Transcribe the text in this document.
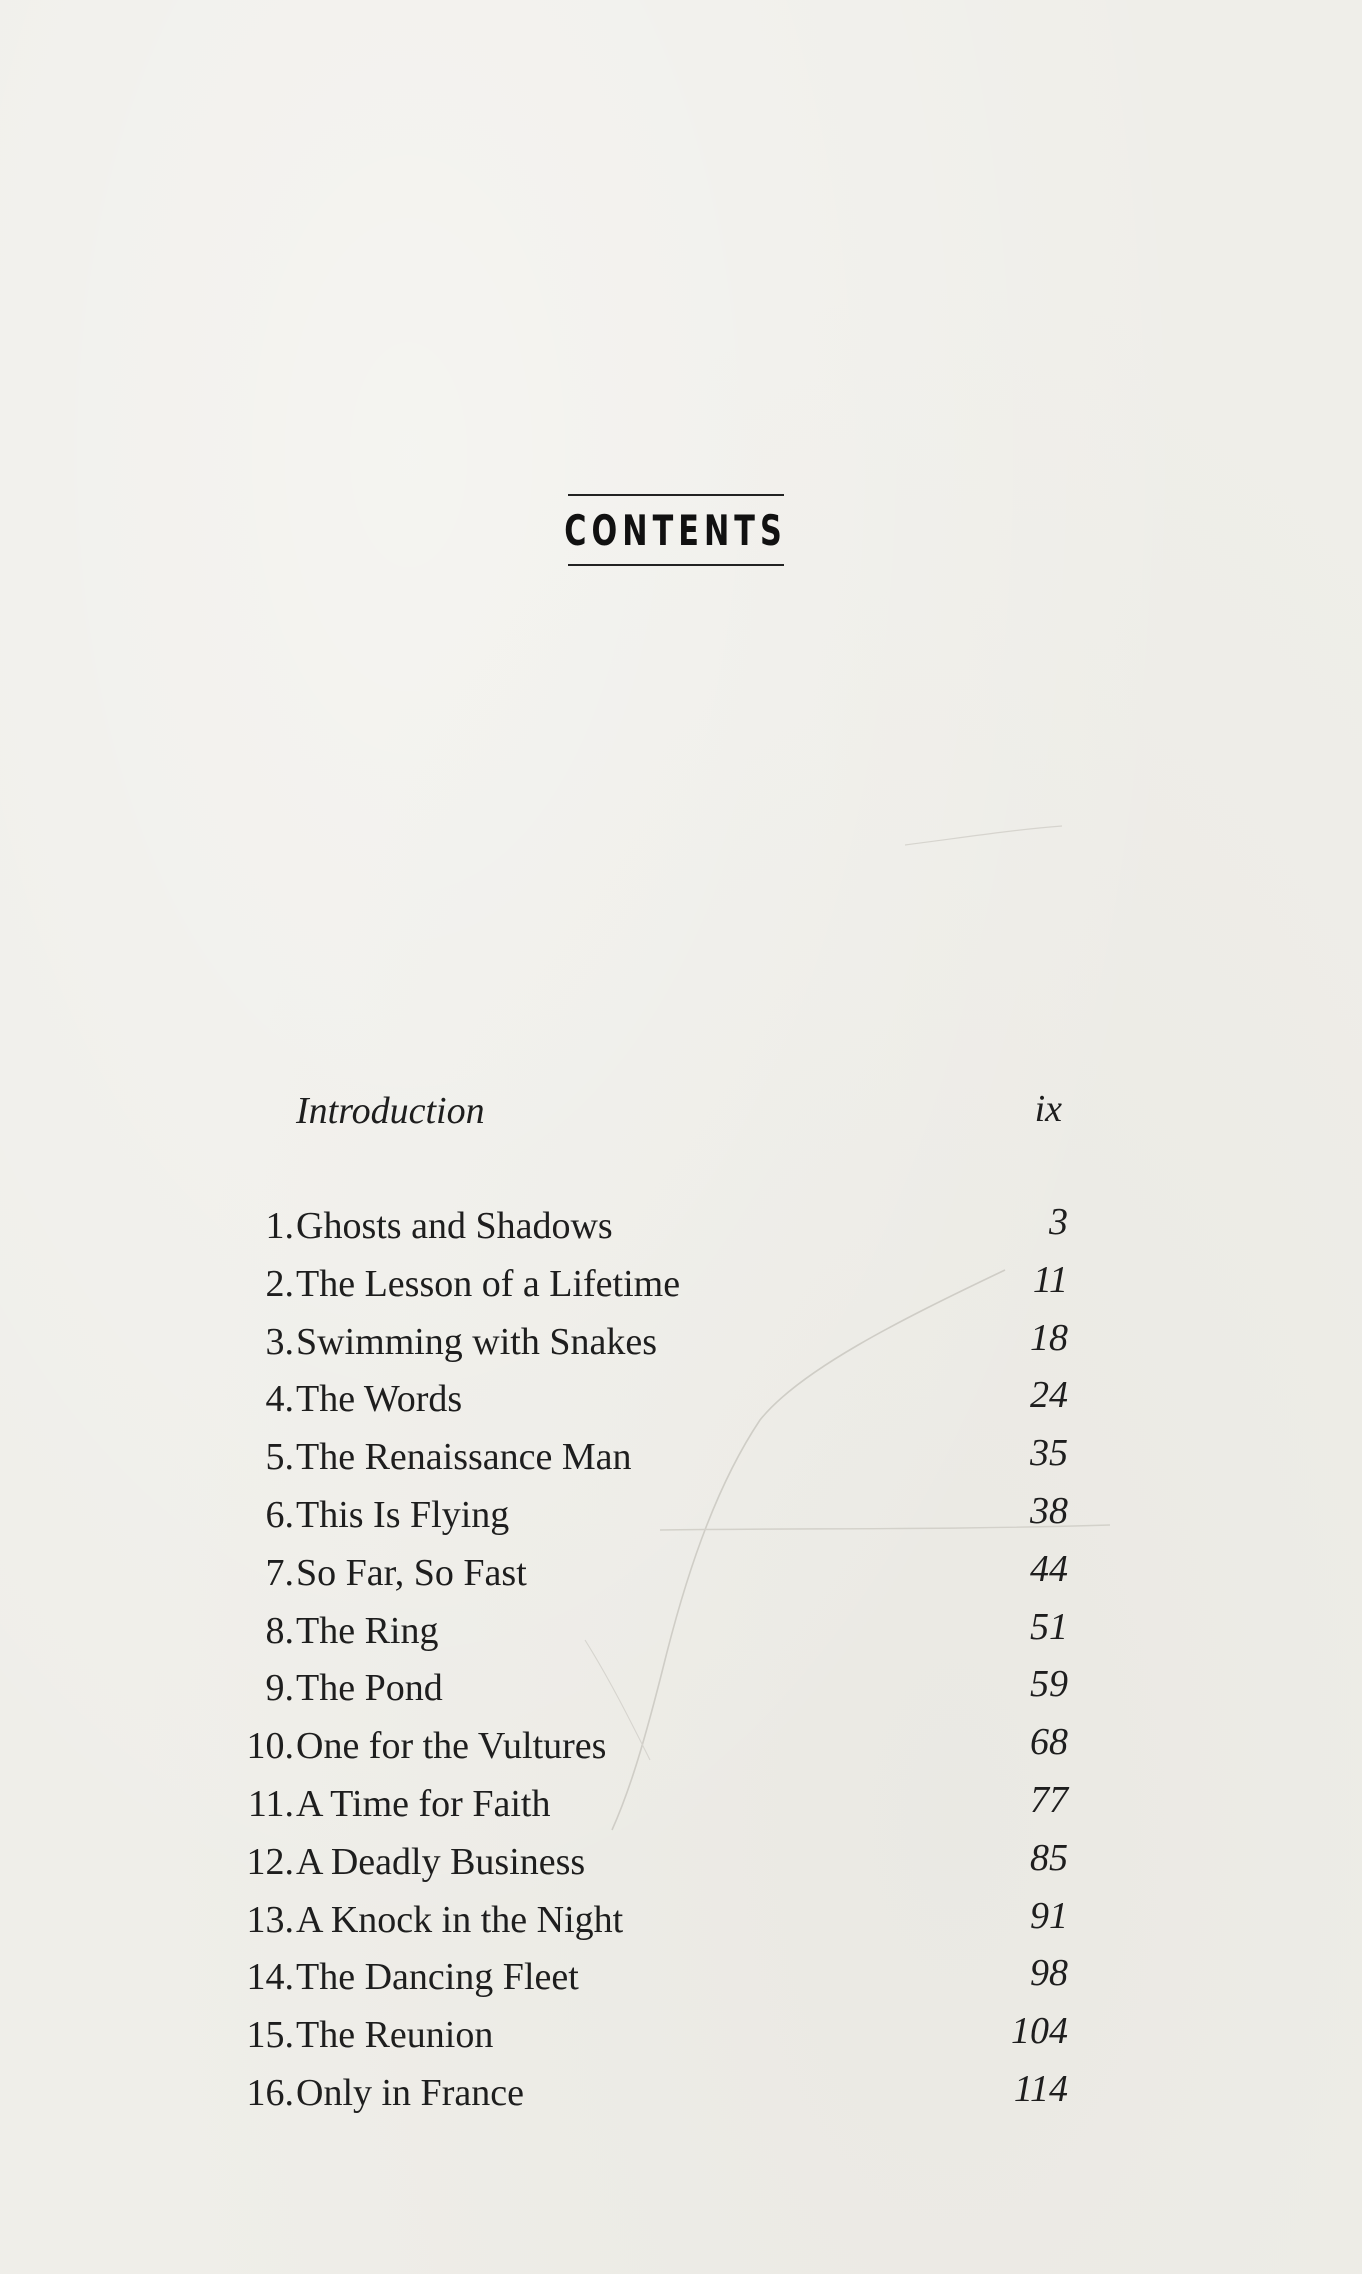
CONTENTS
Introduction	ix
1. Ghosts and Shadows	3
2. The Lesson of a Lifetime	11
3. Swimming with Snakes	18
4. The Words	24
5. The Renaissance Man	35
6. This Is Flying	38
7. So Far, So Fast	44
8. The Ring	51
9. The Pond	59
10. One for the Vultures	68
11. A Time for Faith	77
12. A Deadly Business	85
13. A Knock in the Night	91
14. The Dancing Fleet	98
15. The Reunion	104
16. Only in France	114
